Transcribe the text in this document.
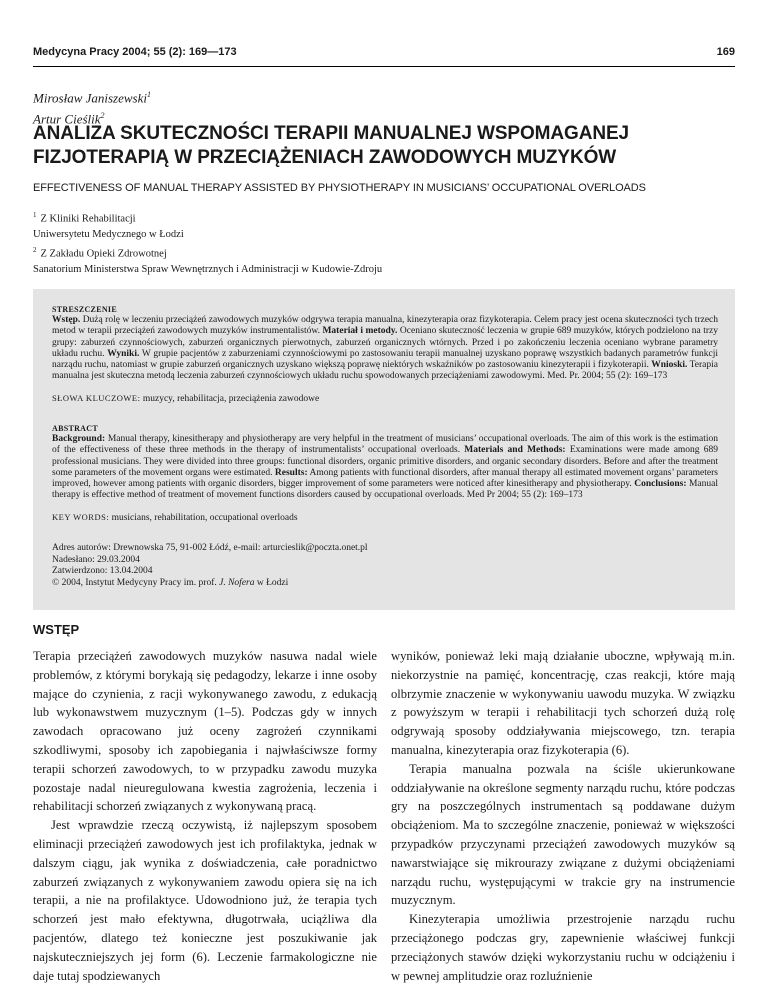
Medycyna Pracy 2004; 55 (2): 169—173	169
Mirosław Janiszewski$^1$
Artur Cieślik$^2$
ANALIZA SKUTECZNOŚCI TERAPII MANUALNEJ WSPOMAGANEJ
FIZJOTERAPIĄ W PRZECIĄŻENIACH ZAWODOWYCH MUZYKÓW
EFFECTIVENESS OF MANUAL THERAPY ASSISTED BY PHYSIOTHERAPY IN MUSICIANS’ OCCUPATIONAL OVERLOADS
$^1$ Z Kliniki Rehabilitacji
Uniwersytetu Medycznego w Łodzi
$^2$ Z Zakładu Opieki Zdrowotnej
Sanatorium Ministerstwa Spraw Wewnętrznych i Administracji w Kudowie-Zdroju
STRESZCZENIE
Wstęp. Dużą rolę w leczeniu przeciążeń zawodowych muzyków odgrywa terapia manualna, kinezyterapia oraz fizykoterapia. Celem pracy jest ocena skuteczności tych trzech metod w terapii przeciążeń zawodowych muzyków instrumentalistów. Materiał i metody. Oceniano skuteczność leczenia w grupie 689 muzyków, których podzielono na trzy grupy: zaburzeń czynnościowych, zaburzeń organicznych pierwotnych, zaburzeń organicznych wtórnych. Przed i po zakończeniu leczenia oceniano wybrane parametry układu ruchu. Wyniki. W grupie pacjentów z zaburzeniami czynnościowymi po zastosowaniu terapii manualnej uzyskano poprawę wszystkich badanych parametrów funkcji narządu ruchu, natomiast w grupie zaburzeń organicznych uzyskano większą poprawę niektórych wskaźników po zastosowaniu kinezyterapii i fizykoterapii. Wnioski. Terapia manualna jest skuteczna metodą leczenia zaburzeń czynnościowych układu ruchu spowodowanych przeciążeniami zawodowymi. Med. Pr. 2004; 55 (2): 169–173
SŁOWA KLUCZOWE: muzycy, rehabilitacja, przeciążenia zawodowe
ABSTRACT
Background: Manual therapy, kinesitherapy and physiotherapy are very helpful in the treatment of musicians’ occupational overloads. The aim of this work is the estimation of the effectiveness of these three methods in the therapy of instrumentalists’ occupational overloads. Materials and Methods: Examinations were made among 689 professional musicians. They were divided into three groups: functional disorders, organic primitive disorders, and organic secondary disorders. Before and after the treatment some parameters of the movement organs were estimated. Results: Among patients with functional disorders, after manual therapy all estimated movement organs’ parameters improved, however among patients with organic disorders, bigger improvement of some parameters were noticed after kinesitherapy and physiotherapy. Conclusions: Manual therapy is effective method of treatment of movement functions disorders caused by occupational overloads. Med Pr 2004; 55 (2): 169–173
KEY WORDS: musicians, rehabilitation, occupational overloads
Adres autorów: Drewnowska 75, 91-002 Łódź, e-mail: arturcieslik@poczta.onet.pl
Nadesłano: 29.03.2004
Zatwierdzono: 13.04.2004
© 2004, Instytut Medycyny Pracy im. prof. J. Nofera w Łodzi
WSTĘP

Terapia przeciążeń zawodowych muzyków nasuwa nadal wiele problemów, z którymi borykają się pedagodzy, lekarze i inne osoby mające do czynienia, z racji wykonywanego zawodu, z edukacją lub wykonawstwem muzycznym (1–5). Podczas gdy w innych zawodach opracowano już oceny zagrożeń czynnikami szkodliwymi, sposoby ich zapobiegania i najwłaściwsze formy terapii schorzeń zawodowych, to w przypadku zawodu muzyka pozostaje nadal nieuregulowana kwestia zagrożenia, leczenia i rehabilitacji schorzeń związanych z wykonywaną pracą.

Jest wprawdzie rzeczą oczywistą, iż najlepszym sposobem eliminacji przeciążeń zawodowych jest ich profilaktyka, jednak w dalszym ciągu, jak wynika z doświadczenia, całe poradnictwo zaburzeń związanych z wykonywaniem zawodu opiera się na ich terapii, a nie na profilaktyce. Udowodniono już, że terapia tych schorzeń jest mało efektywna, długotrwała, uciążliwa dla pacjentów, dlatego też konieczne jest poszukiwanie jak najskuteczniejszych jej form (6). Leczenie farmakologiczne nie daje tutaj spodziewanych

wyników, ponieważ leki mają działanie uboczne, wpływają m.in. niekorzystnie na pamięć, koncentrację, czas reakcji, które mają olbrzymie znaczenie w wykonywaniu uawodu muzyka. W związku z powyższym w terapii i rehabilitacji tych schorzeń dużą rolę odgrywają sposoby oddziaływania miejscowego, tzn. terapia manualna, kinezyterapia oraz fizykoterapia (6).

Terapia manualna pozwala na ściśle ukierunkowane oddziaływanie na określone segmenty narządu ruchu, które podczas gry na poszczególnych instrumentach są poddawane dużym obciążeniom. Ma to szczególne znaczenie, ponieważ w większości przypadków przyczynami przeciążeń zawodowych muzyków są nawarstwiające się mikrourazy związane z dużymi obciążeniami narządu ruchu, występującymi w trakcie gry na instrumencie muzycznym.

Kinezyterapia umożliwia przestrojenie narządu ruchu przeciążonego podczas gry, zapewnienie właściwej funkcji przeciążonych stawów dzięki wykorzystaniu ruchu w odciążeniu i w pewnej amplitudzie oraz rozluźnienie
